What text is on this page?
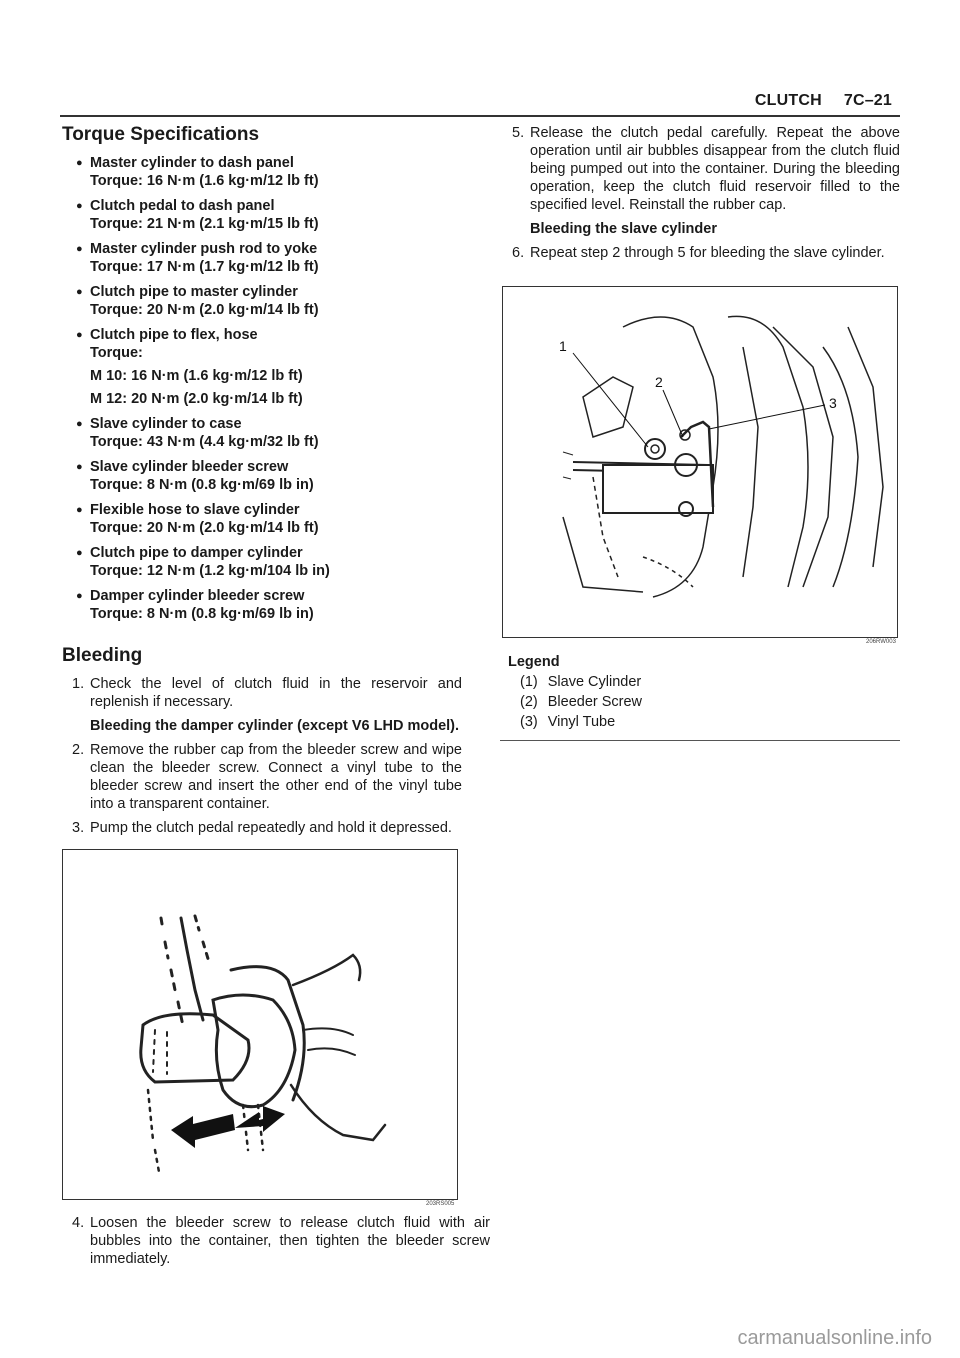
CLUTCH 7C–21
Torque Specifications
● Master cylinder to dash panel
Torque: 16 N·m (1.6 kg·m/12 lb ft)
● Clutch pedal to dash panel
Torque: 21 N·m (2.1 kg·m/15 lb ft)
● Master cylinder push rod to yoke
Torque: 17 N·m (1.7 kg·m/12 lb ft)
● Clutch pipe to master cylinder
Torque: 20 N·m (2.0 kg·m/14 lb ft)
● Clutch pipe to flex, hose
Torque:
M 10: 16 N·m (1.6 kg·m/12 lb ft)
M 12: 20 N·m (2.0 kg·m/14 lb ft)
● Slave cylinder to case
Torque: 43 N·m (4.4 kg·m/32 lb ft)
● Slave cylinder bleeder screw
Torque: 8 N·m (0.8 kg·m/69 lb in)
● Flexible hose to slave cylinder
Torque: 20 N·m (2.0 kg·m/14 lb ft)
● Clutch pipe to damper cylinder
Torque: 12 N·m (1.2 kg·m/104 lb in)
● Damper cylinder bleeder screw
Torque: 8 N·m (0.8 kg·m/69 lb in)
Bleeding
1. Check the level of clutch fluid in the reservoir and replenish if necessary.
Bleeding the damper cylinder (except V6 LHD model).
2. Remove the rubber cap from the bleeder screw and wipe clean the bleeder screw. Connect a vinyl tube to the bleeder screw and insert the other end of the vinyl tube into a transparent container.
3. Pump the clutch pedal repeatedly and hold it depressed.
203RS005
4. Loosen the bleeder screw to release clutch fluid with air bubbles into the container, then tighten the bleeder screw immediately.
5. Release the clutch pedal carefully. Repeat the above operation until air bubbles disappear from the clutch fluid being pumped out into the container. During the bleeding operation, keep the clutch fluid reservoir filled to the specified level. Reinstall the rubber cap.
Bleeding the slave cylinder
6. Repeat step 2 through 5 for bleeding the slave cylinder.
1
2
3
206RW003
Legend
(1) Slave Cylinder
(2) Bleeder Screw
(3) Vinyl Tube
carmanualsonline.info
